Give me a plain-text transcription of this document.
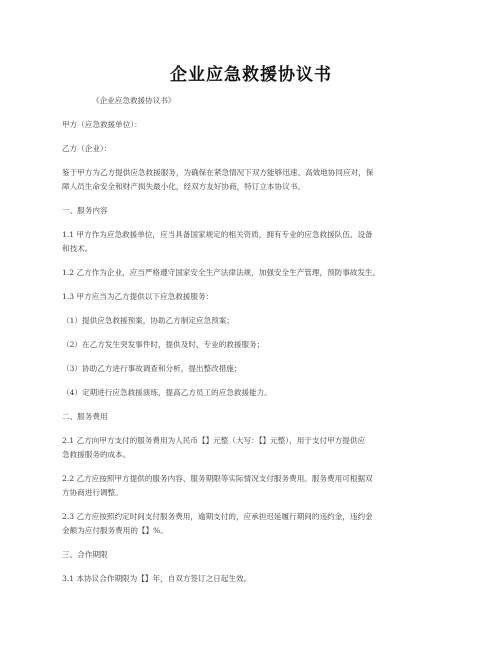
企业应急救援协议书
《企业应急救援协议书》
甲方（应急救援单位）：
乙方（企业）：
鉴于甲方为乙方提供应急救援服务，为确保在紧急情况下双方能够迅速、高效地协同应对，保
障人员生命安全和财产损失最小化，经双方友好协商，特订立本协议书。
一、服务内容
1.1 甲方作为应急救援单位，应当具备国家规定的相关资质，拥有专业的应急救援队伍、设备
和技术。
1.2 乙方作为企业，应当严格遵守国家安全生产法律法规，加强安全生产管理，预防事故发生。
1.3 甲方应当为乙方提供以下应急救援服务：
（1）提供应急救援预案，协助乙方制定应急预案；
（2）在乙方发生突发事件时，提供及时、专业的救援服务；
（3）协助乙方进行事故调查和分析，提出整改措施；
（4）定期进行应急救援演练，提高乙方员工的应急救援能力。
二、服务费用
2.1 乙方向甲方支付的服务费用为人民币【】元整（大写：【】元整），用于支付甲方提供应
急救援服务的成本。
2.2 乙方应按照甲方提供的服务内容、服务期限等实际情况支付服务费用。服务费用可根据双
方协商进行调整。
2.3 乙方应按照约定时间支付服务费用，逾期支付的，应承担迟延履行期间的违约金，违约金
金额为应付服务费用的【】%。
三、合作期限
3.1 本协议合作期限为【】年，自双方签订之日起生效。
